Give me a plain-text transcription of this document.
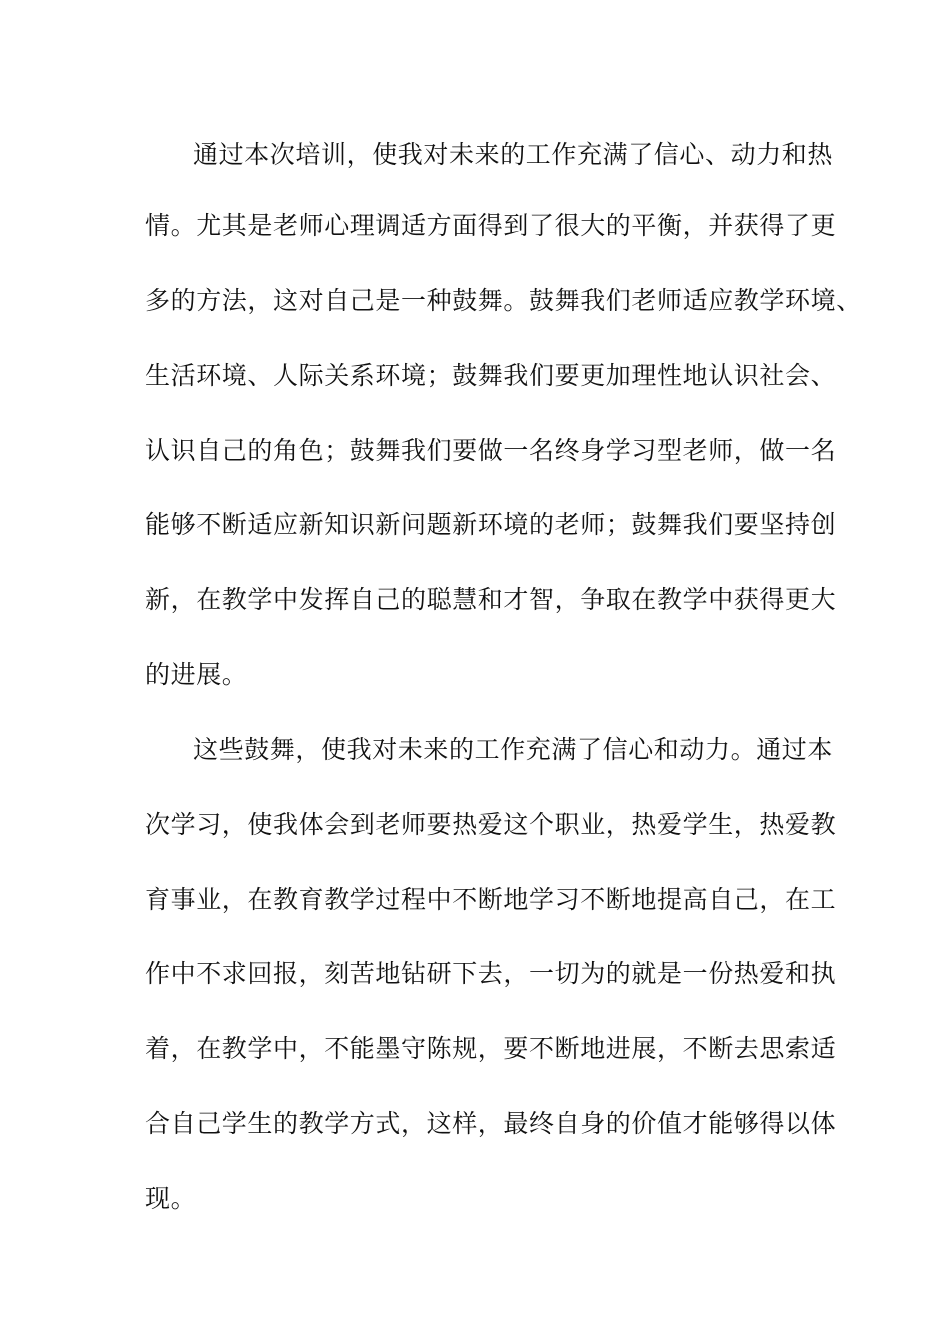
通过本次培训，使我对未来的工作充满了信心、动力和热
情。尤其是老师心理调适方面得到了很大的平衡，并获得了更
多的方法，这对自己是一种鼓舞。鼓舞我们老师适应教学环境、
生活环境、人际关系环境；鼓舞我们要更加理性地认识社会、
认识自己的角色；鼓舞我们要做一名终身学习型老师，做一名
能够不断适应新知识新问题新环境的老师；鼓舞我们要坚持创
新，在教学中发挥自己的聪慧和才智，争取在教学中获得更大
的进展。
这些鼓舞，使我对未来的工作充满了信心和动力。通过本
次学习，使我体会到老师要热爱这个职业，热爱学生，热爱教
育事业，在教育教学过程中不断地学习不断地提高自己，在工
作中不求回报，刻苦地钻研下去，一切为的就是一份热爱和执
着，在教学中，不能墨守陈规，要不断地进展，不断去思索适
合自己学生的教学方式，这样，最终自身的价值才能够得以体
现。
